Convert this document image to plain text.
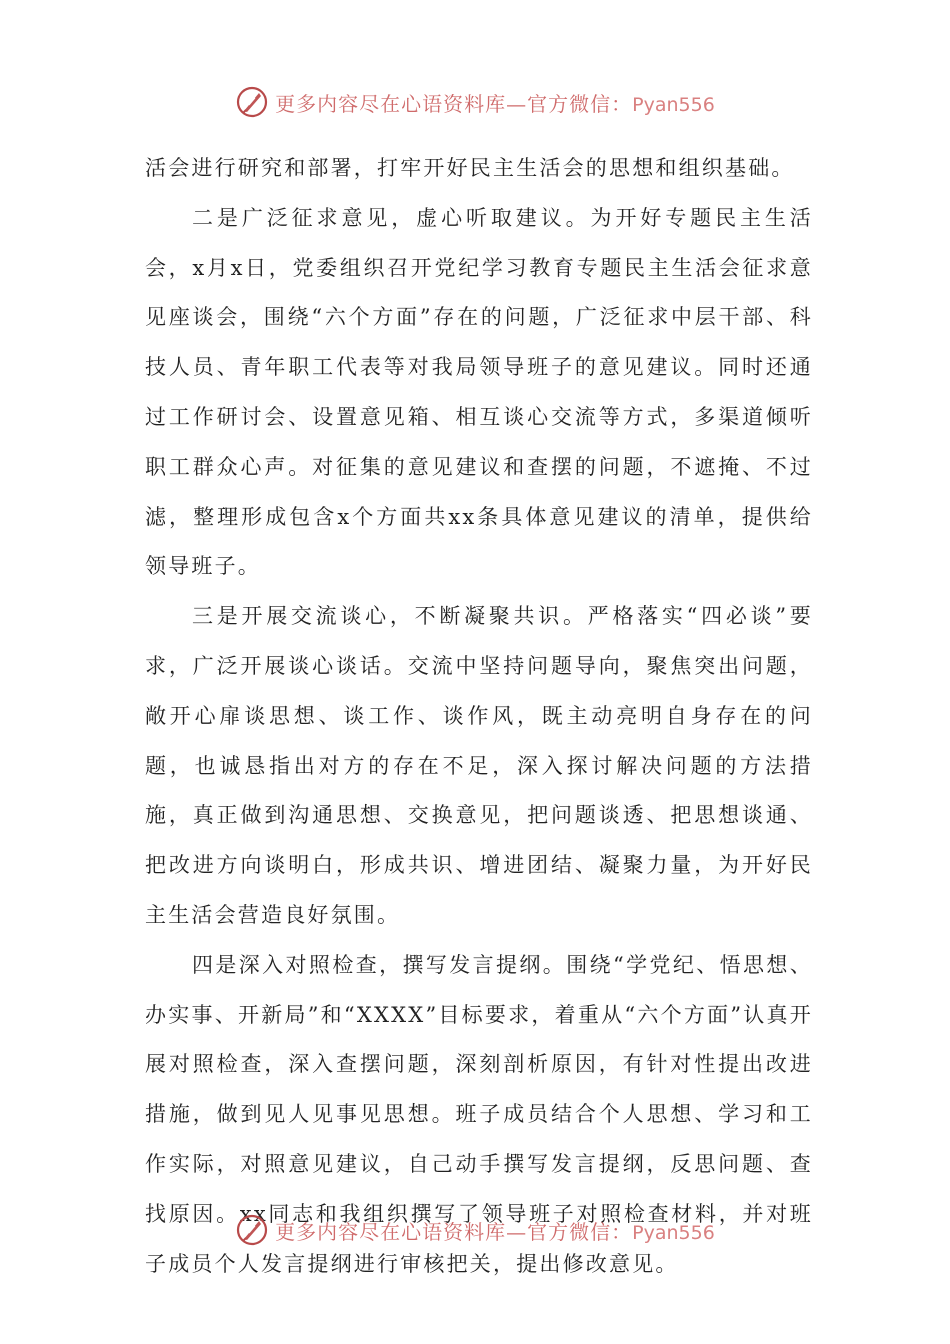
更多内容尽在心语资料库—官方微信：Pyan556

活会进行研究和部署，打牢开好民主生活会的思想和组织基础。

二是广泛征求意见，虚心听取建议。为开好专题民主生活会，x月x日，党委组织召开党纪学习教育专题民主生活会征求意见座谈会，围绕“六个方面”存在的问题，广泛征求中层干部、科技人员、青年职工代表等对我局领导班子的意见建议。同时还通过工作研讨会、设置意见箱、相互谈心交流等方式，多渠道倾听职工群众心声。对征集的意见建议和查摆的问题，不遮掩、不过滤，整理形成包含x个方面共xx条具体意见建议的清单，提供给领导班子。

三是开展交流谈心，不断凝聚共识。严格落实“四必谈”要求，广泛开展谈心谈话。交流中坚持问题导向，聚焦突出问题，敞开心扉谈思想、谈工作、谈作风，既主动亮明自身存在的问题，也诚恳指出对方的存在不足，深入探讨解决问题的方法措施，真正做到沟通思想、交换意见，把问题谈透、把思想谈通、把改进方向谈明白，形成共识、增进团结、凝聚力量，为开好民主生活会营造良好氛围。

四是深入对照检查，撰写发言提纲。围绕“学党纪、悟思想、办实事、开新局”和“XXXX”目标要求，着重从“六个方面”认真开展对照检查，深入查摆问题，深刻剖析原因，有针对性提出改进措施，做到见人见事见思想。班子成员结合个人思想、学习和工作实际，对照意见建议，自己动手撰写发言提纲，反思问题、查找原因。xx同志和我组织撰写了领导班子对照检查材料，并对班子成员个人发言提纲进行审核把关，提出修改意见。

更多内容尽在心语资料库—官方微信：Pyan556
